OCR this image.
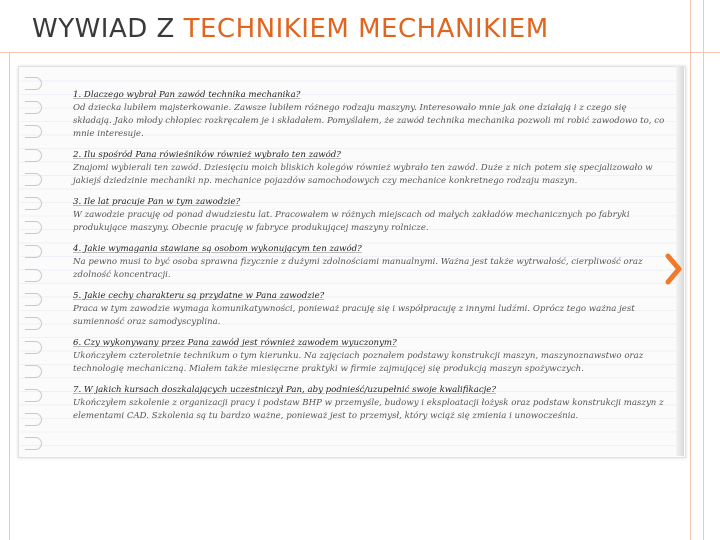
WYWIAD Z TECHNIKIEM MECHANIKIEM
1. Dlaczego wybrał Pan zawód technika mechanika?
Od dziecka lubiłem majsterkowanie. Zawsze lubiłem różnego rodzaju maszyny. Interesowało mnie jak one działają i z czego się składają. Jako młody chłopiec rozkręcałem je i składałem. Pomyślałem, że zawód technika mechanika pozwoli mi robić zawodowo to, co mnie interesuje.
2. Ilu spośród Pana rówieśników również wybrało ten zawód?
Znajomi wybierali ten zawód. Dziesięciu moich bliskich kolegów również wybrało ten zawód. Duże z nich potem się specjalizowało w jakiejś dziedzinie mechaniki np. mechanice pojazdów samochodowych czy mechanice konkretnego rodzaju maszyn.
3. Ile lat pracuje Pan w tym zawodzie?
W zawodzie pracuję od ponad dwudziestu lat. Pracowałem w różnych miejscach od małych zakładów mechanicznych po fabryki produkujące maszyny. Obecnie pracuję w fabryce produkującej maszyny rolnicze.
4. Jakie wymagania stawiane są osobom wykonującym ten zawód?
Na pewno musi to być osoba sprawna fizycznie z dużymi zdolnościami manualnymi. Ważna jest także wytrwałość, cierpliwość oraz zdolność koncentracji.
5. Jakie cechy charakteru są przydatne w Pana zawodzie?
Praca w tym zawodzie wymaga komunikatywności, ponieważ pracuję się i współpracuję z innymi ludźmi. Oprócz tego ważna jest sumienność oraz samodyscyplina.
6. Czy wykonywany przez Pana zawód jest również zawodem wyuczonym?
Ukończyłem czteroletnie technikum o tym kierunku. Na zajęciach poznałem podstawy konstrukcji maszyn, maszynoznawstwo oraz technologię mechaniczną. Miałem także miesięczne praktyki w firmie zajmującej się produkcją maszyn spożywczych.
7. W jakich kursach doszkalających uczestniczył Pan, aby podnieść/uzupełnić swoje kwalifikacje?
Ukończyłem szkolenie z organizacji pracy i podstaw BHP w przemyśle, budowy i eksploatacji łożysk oraz podstaw konstrukcji maszyn z elementami CAD. Szkolenia są tu bardzo ważne, ponieważ jest to przemysł, który wciąż się zmienia i unowocześnia.
